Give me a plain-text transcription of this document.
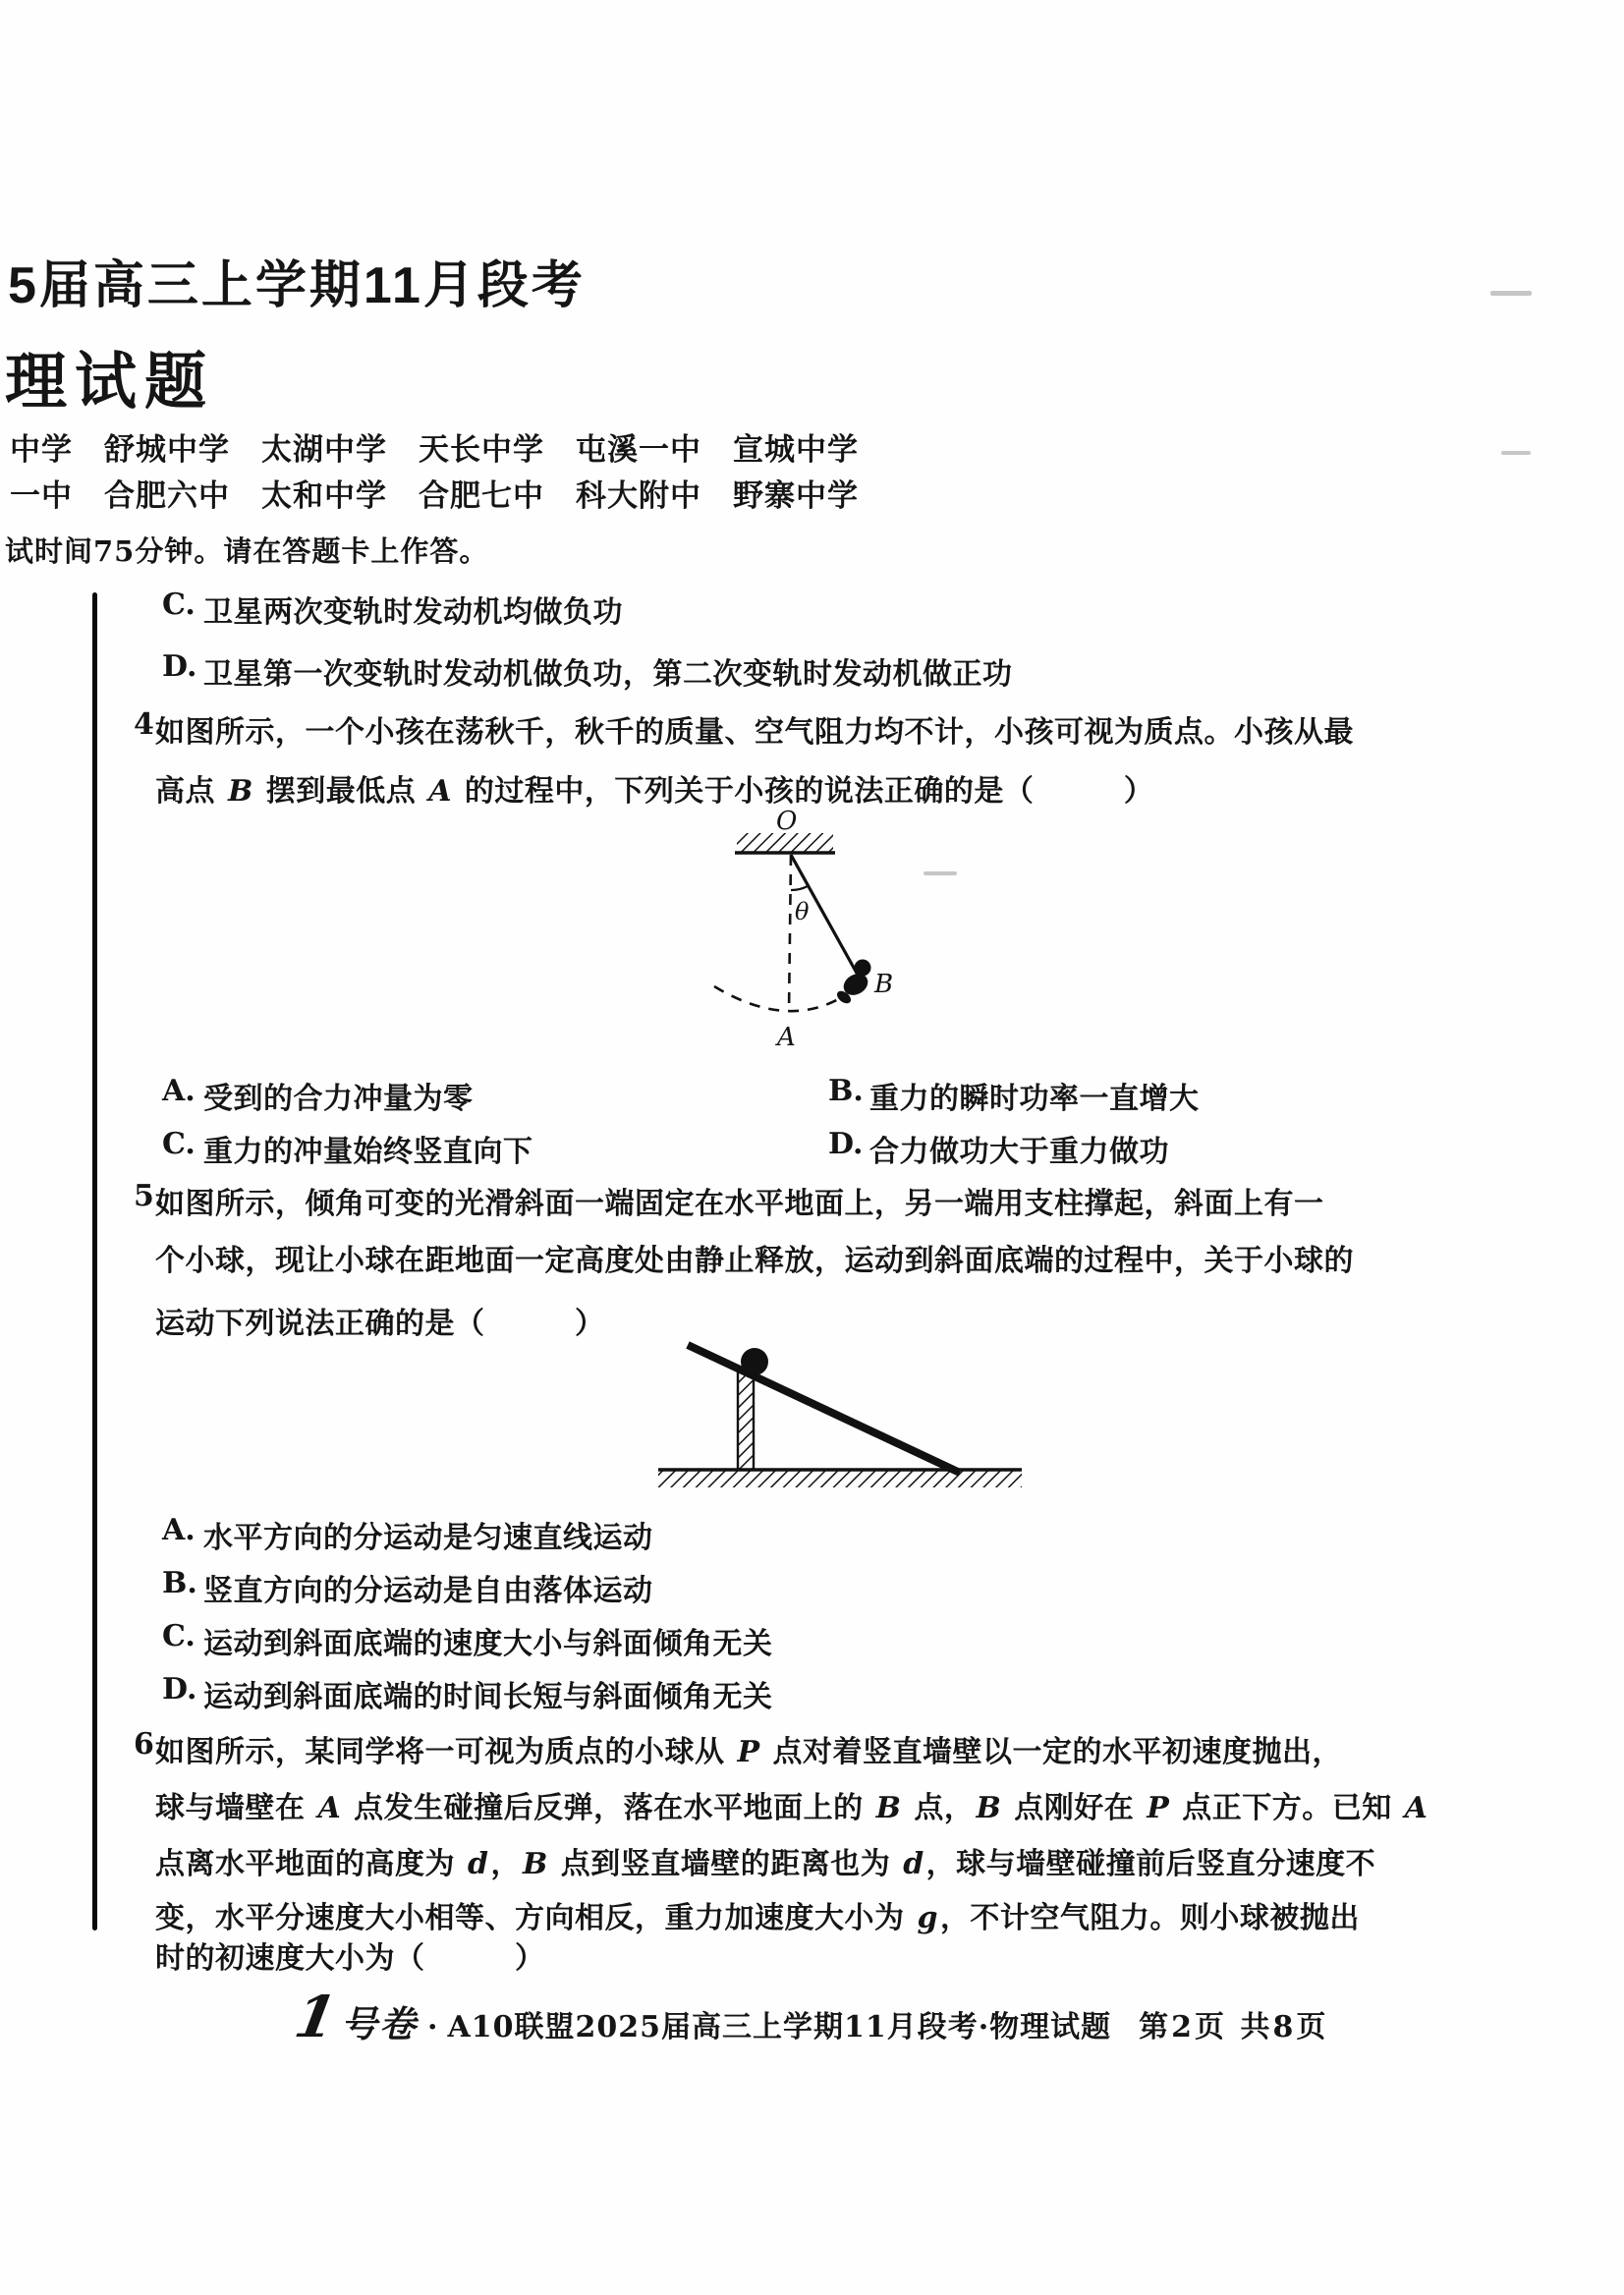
5届高三上学期11月段考
理试题
中学　舒城中学　太湖中学　天长中学　屯溪一中　宣城中学
一中　合肥六中　太和中学　合肥七中　科大附中　野寨中学
试时间75分钟。请在答题卡上作答。
C. 卫星两次变轨时发动机均做负功
D. 卫星第一次变轨时发动机做负功，第二次变轨时发动机做正功
4.
如图所示，一个小孩在荡秋千，秋千的质量、空气阻力均不计，小孩可视为质点。小孩从最
高点 B 摆到最低点 A 的过程中，下列关于小孩的说法正确的是（　　　）
O
θ
B
A
A. 受到的合力冲量为零	B. 重力的瞬时功率一直增大
C. 重力的冲量始终竖直向下	D. 合力做功大于重力做功
5.
如图所示，倾角可变的光滑斜面一端固定在水平地面上，另一端用支柱撑起，斜面上有一
个小球，现让小球在距地面一定高度处由静止释放，运动到斜面底端的过程中，关于小球的
运动下列说法正确的是（　　　）
A. 水平方向的分运动是匀速直线运动
B. 竖直方向的分运动是自由落体运动
C. 运动到斜面底端的速度大小与斜面倾角无关
D. 运动到斜面底端的时间长短与斜面倾角无关
6.
如图所示，某同学将一可视为质点的小球从 P 点对着竖直墙壁以一定的水平初速度抛出，
球与墙壁在 A 点发生碰撞后反弹，落在水平地面上的 B 点，B 点刚好在 P 点正下方。已知 A
点离水平地面的高度为 d，B 点到竖直墙壁的距离也为 d，球与墙壁碰撞前后竖直分速度不
变，水平分速度大小相等、方向相反，重力加速度大小为 g，不计空气阻力。则小球被抛出
时的初速度大小为（　　　）
1 号卷 · A10联盟2025届高三上学期11月段考·物理试题 第2页 共8页
